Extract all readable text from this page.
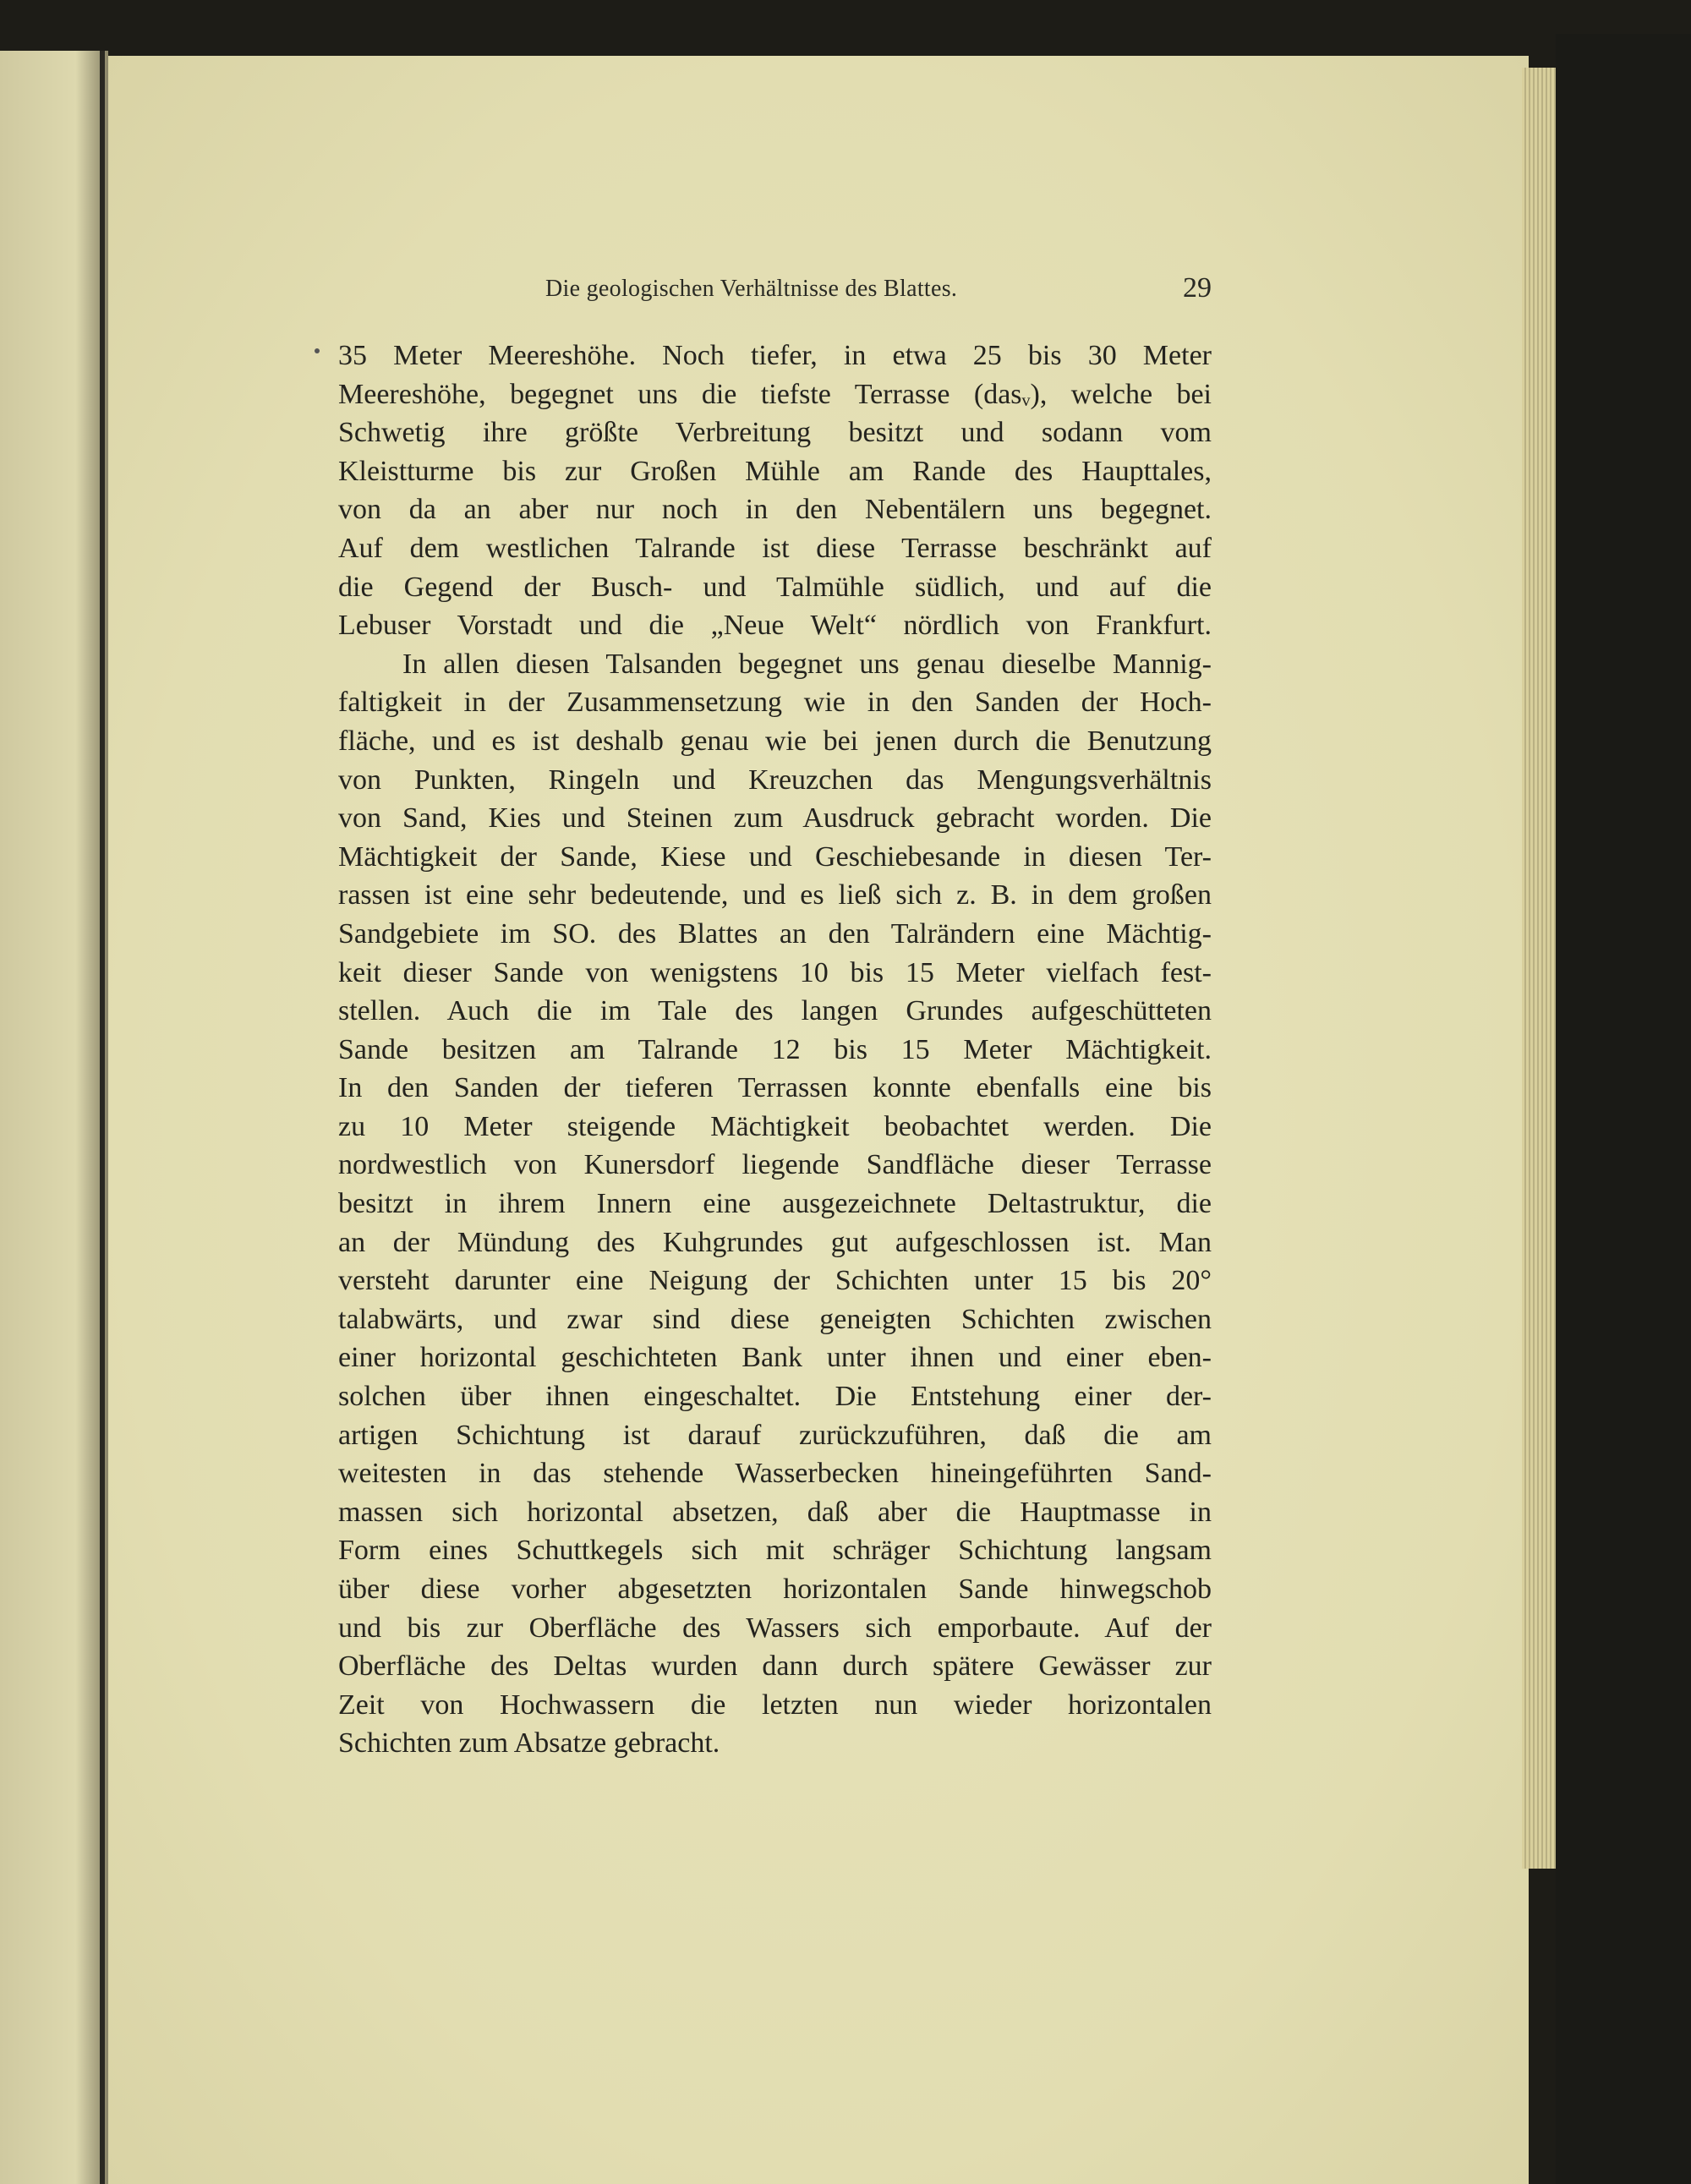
Die geologischen Verhältnisse des Blattes.	29
35 Meter Meereshöhe. Noch tiefer, in etwa 25 bis 30 Meter
Meereshöhe, begegnet uns die tiefste Terrasse (dasᵥ), welche bei
Schwetig ihre größte Verbreitung besitzt und sodann vom
Kleistturme bis zur Großen Mühle am Rande des Haupttales,
von da an aber nur noch in den Nebentälern uns begegnet.
Auf dem westlichen Talrande ist diese Terrasse beschränkt auf
die Gegend der Busch- und Talmühle südlich, und auf die
Lebuser Vorstadt und die „Neue Welt“ nördlich von Frankfurt.
In allen diesen Talsanden begegnet uns genau dieselbe Mannig-
faltigkeit in der Zusammensetzung wie in den Sanden der Hoch-
fläche, und es ist deshalb genau wie bei jenen durch die Benutzung
von Punkten, Ringeln und Kreuzchen das Mengungsverhältnis
von Sand, Kies und Steinen zum Ausdruck gebracht worden. Die
Mächtigkeit der Sande, Kiese und Geschiebesande in diesen Ter-
rassen ist eine sehr bedeutende, und es ließ sich z. B. in dem großen
Sandgebiete im SO. des Blattes an den Talrändern eine Mächtig-
keit dieser Sande von wenigstens 10 bis 15 Meter vielfach fest-
stellen. Auch die im Tale des langen Grundes aufgeschütteten
Sande besitzen am Talrande 12 bis 15 Meter Mächtigkeit.
In den Sanden der tieferen Terrassen konnte ebenfalls eine bis
zu 10 Meter steigende Mächtigkeit beobachtet werden. Die
nordwestlich von Kunersdorf liegende Sandfläche dieser Terrasse
besitzt in ihrem Innern eine ausgezeichnete Deltastruktur, die
an der Mündung des Kuhgrundes gut aufgeschlossen ist. Man
versteht darunter eine Neigung der Schichten unter 15 bis 20°
talabwärts, und zwar sind diese geneigten Schichten zwischen
einer horizontal geschichteten Bank unter ihnen und einer eben-
solchen über ihnen eingeschaltet. Die Entstehung einer der-
artigen Schichtung ist darauf zurückzuführen, daß die am
weitesten in das stehende Wasserbecken hineingeführten Sand-
massen sich horizontal absetzen, daß aber die Hauptmasse in
Form eines Schuttkegels sich mit schräger Schichtung langsam
über diese vorher abgesetzten horizontalen Sande hinwegschob
und bis zur Oberfläche des Wassers sich emporbaute. Auf der
Oberfläche des Deltas wurden dann durch spätere Gewässer zur
Zeit von Hochwassern die letzten nun wieder horizontalen
Schichten zum Absatze gebracht.
